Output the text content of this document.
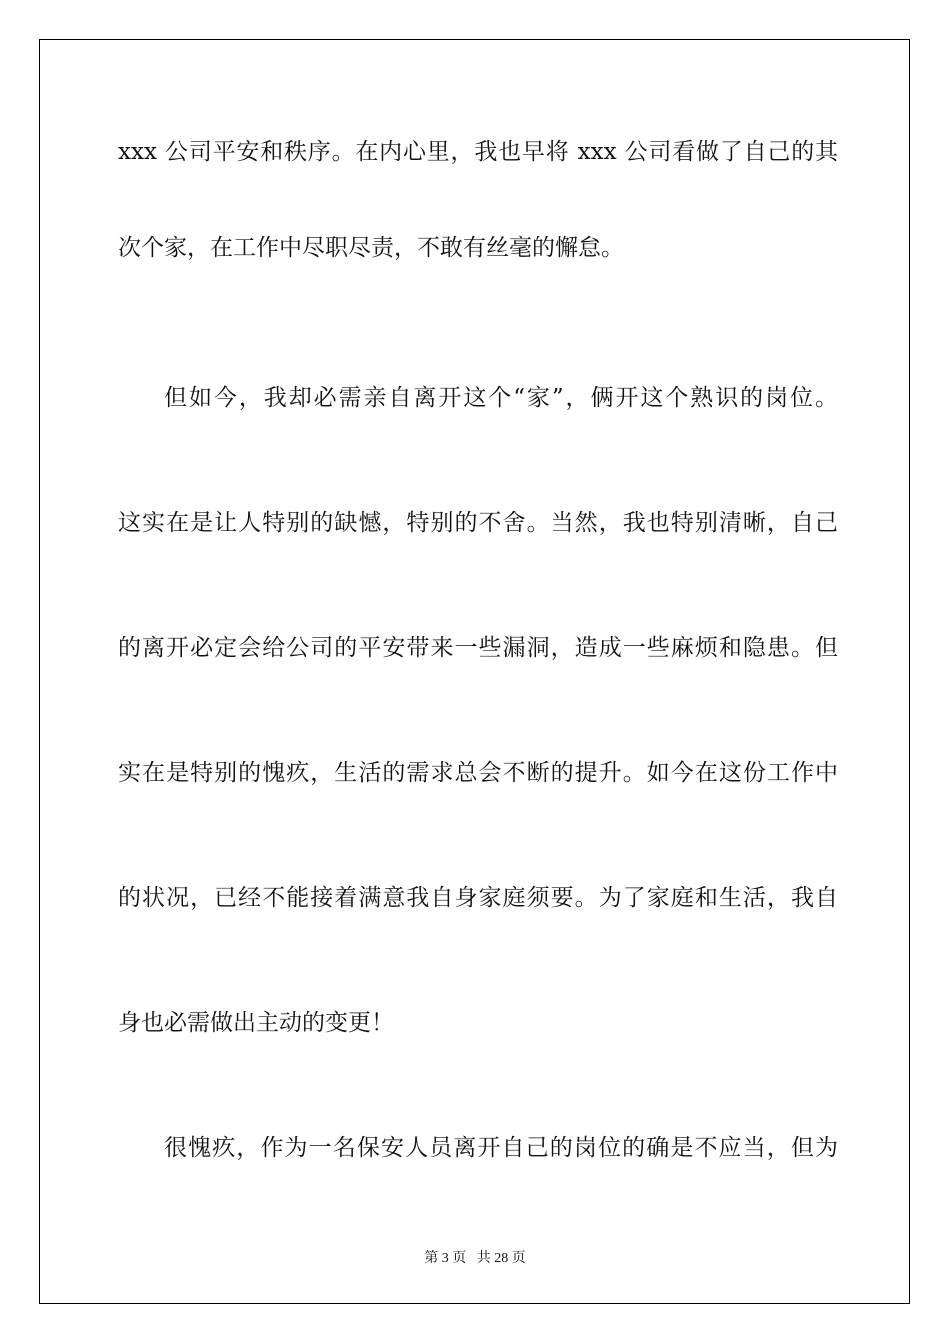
xxx 公司平安和秩序。在内心里，我也早将 xxx 公司看做了自己的其
次个家，在工作中尽职尽责，不敢有丝毫的懈怠。
但如今，我却必需亲自离开这个“家”，俩开这个熟识的岗位。
这实在是让人特别的缺憾，特别的不舍。当然，我也特别清晰，自己
的离开必定会给公司的平安带来一些漏洞，造成一些麻烦和隐患。但
实在是特别的愧疚，生活的需求总会不断的提升。如今在这份工作中
的状况，已经不能接着满意我自身家庭须要。为了家庭和生活，我自
身也必需做出主动的变更！
很愧疚，作为一名保安人员离开自己的岗位的确是不应当，但为
第 3 页 共 28 页
